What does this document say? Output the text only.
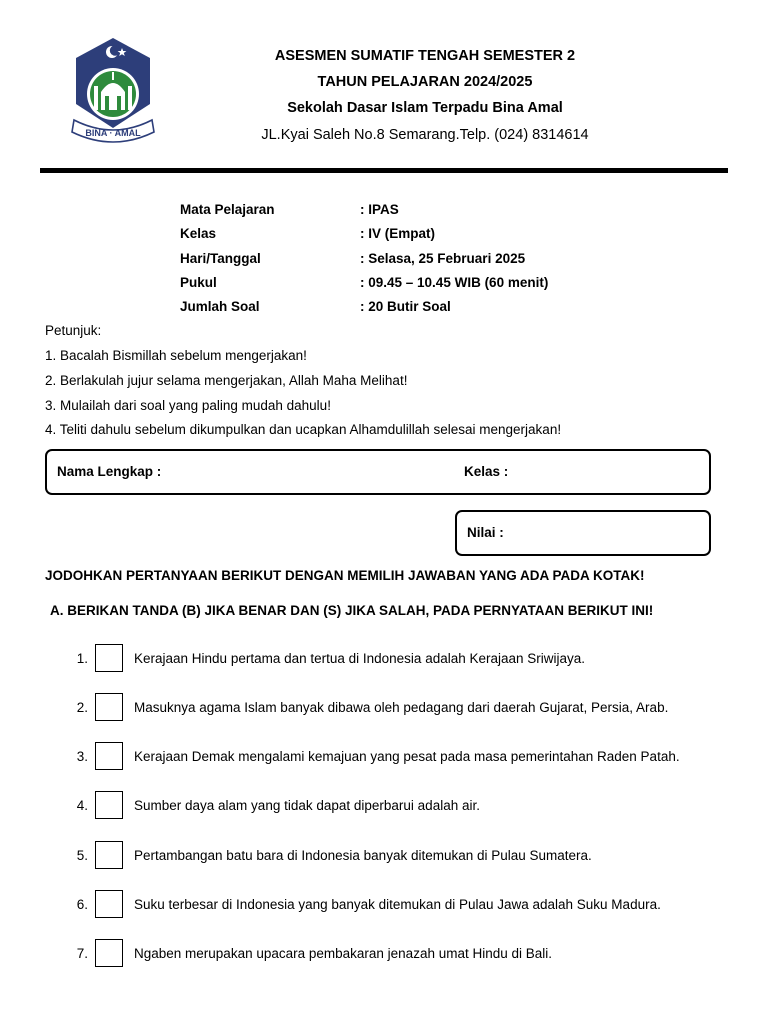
BINA · AMAL
ASESMEN SUMATIF TENGAH SEMESTER 2
TAHUN PELAJARAN 2024/2025
Sekolah Dasar Islam Terpadu Bina Amal
JL.Kyai Saleh No.8 Semarang.Telp. (024) 8314614
Mata Pelajaran	: IPAS
Kelas	: IV (Empat)
Hari/Tanggal	: Selasa, 25 Februari 2025
Pukul	: 09.45 – 10.45 WIB (60 menit)
Jumlah Soal	: 20 Butir Soal
Petunjuk:
1. Bacalah Bismillah sebelum mengerjakan!
2. Berlakulah jujur selama mengerjakan, Allah Maha Melihat!
3. Mulailah dari soal yang paling mudah dahulu!
4. Teliti dahulu sebelum dikumpulkan dan ucapkan Alhamdulillah selesai mengerjakan!
Nama Lengkap :	Kelas :
Nilai :
JODOHKAN PERTANYAAN BERIKUT DENGAN MEMILIH JAWABAN YANG ADA PADA KOTAK!
A. BERIKAN TANDA (B) JIKA BENAR DAN (S) JIKA SALAH, PADA PERNYATAAN BERIKUT INI!
1.	Kerajaan Hindu pertama dan tertua di Indonesia adalah Kerajaan Sriwijaya.
2.	Masuknya agama Islam banyak dibawa oleh pedagang dari daerah Gujarat, Persia, Arab.
3.	Kerajaan Demak mengalami kemajuan yang pesat pada masa pemerintahan Raden Patah.
4.	Sumber daya alam yang tidak dapat diperbarui adalah air.
5.	Pertambangan batu bara di Indonesia banyak ditemukan di Pulau Sumatera.
6.	Suku terbesar di Indonesia yang banyak ditemukan di Pulau Jawa adalah Suku Madura.
7.	Ngaben merupakan upacara pembakaran jenazah umat Hindu di Bali.
